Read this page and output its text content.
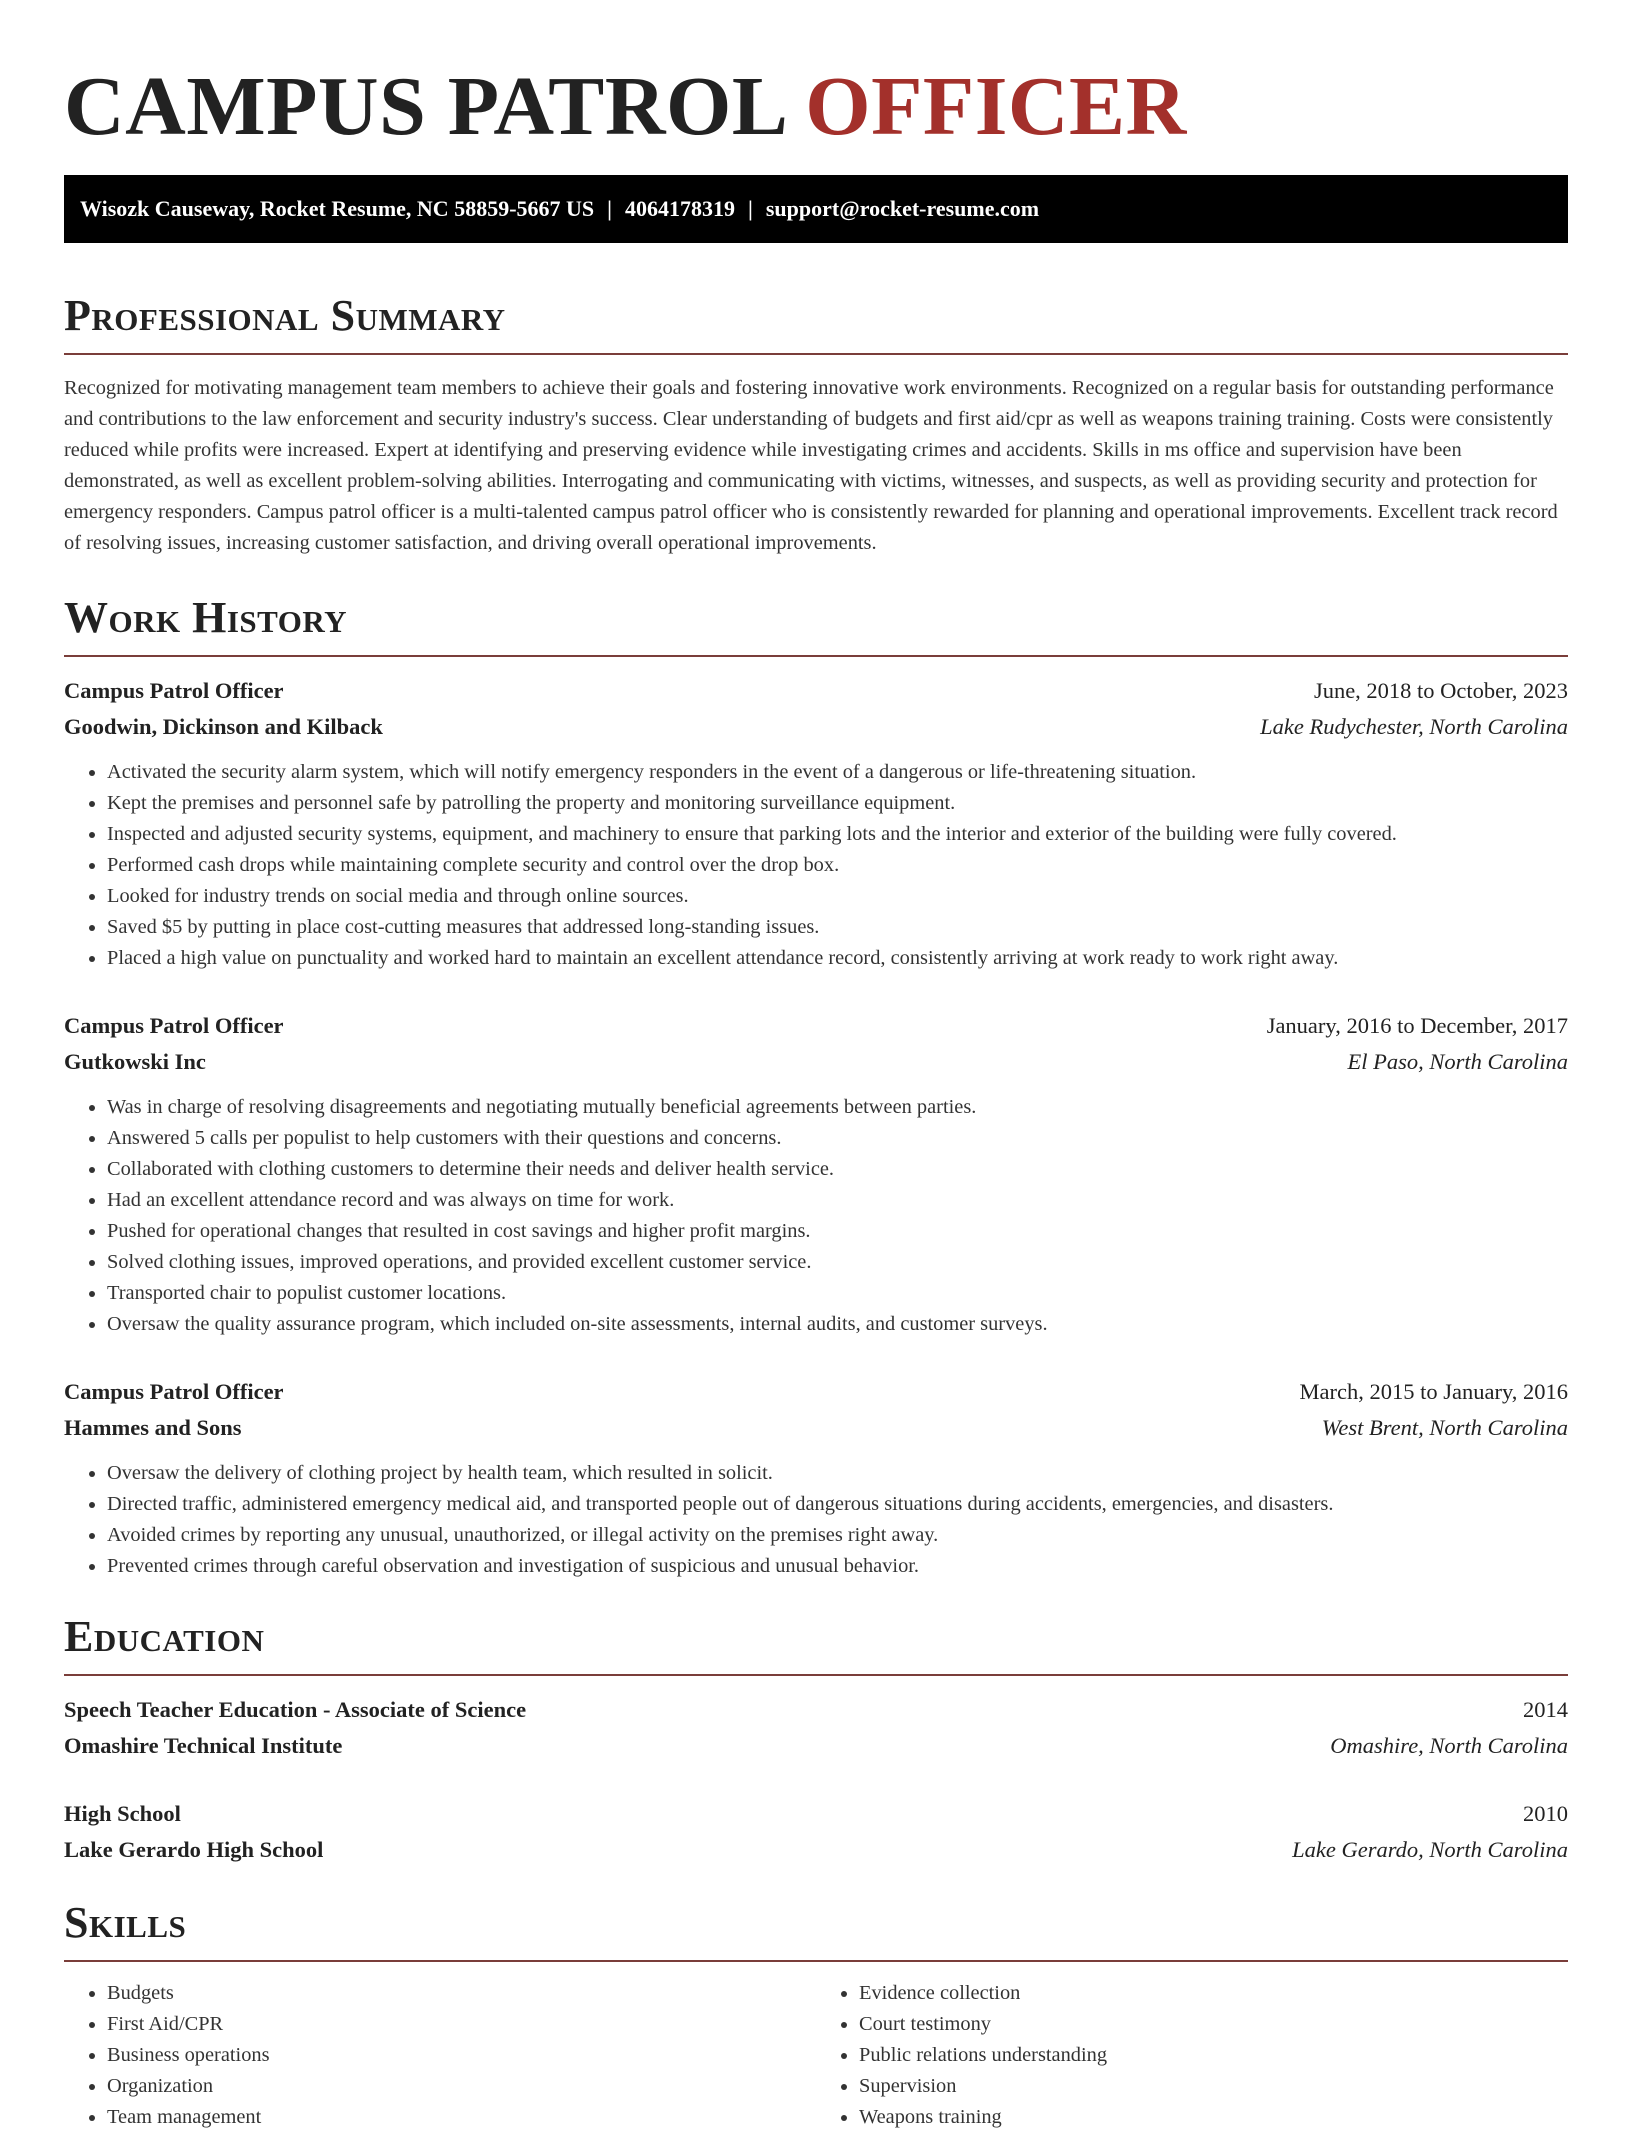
CAMPUS PATROL OFFICER
Wisozk Causeway, Rocket Resume, NC 58859-5667 US | 4064178319 | support@rocket-resume.com
Professional Summary

Recognized for motivating management team members to achieve their goals and fostering innovative work environments. Recognized on a regular basis for outstanding performance and contributions to the law enforcement and security industry's success. Clear understanding of budgets and first aid/cpr as well as weapons training training. Costs were consistently reduced while profits were increased. Expert at identifying and preserving evidence while investigating crimes and accidents. Skills in ms office and supervision have been demonstrated, as well as excellent problem-solving abilities. Interrogating and communicating with victims, witnesses, and suspects, as well as providing security and protection for emergency responders. Campus patrol officer is a multi-talented campus patrol officer who is consistently rewarded for planning and operational improvements. Excellent track record of resolving issues, increasing customer satisfaction, and driving overall operational improvements.

Work History
Campus Patrol Officer	June, 2018 to October, 2023
Goodwin, Dickinson and Kilback	Lake Rudychester, North Carolina
• Activated the security alarm system, which will notify emergency responders in the event of a dangerous or life-threatening situation.
• Kept the premises and personnel safe by patrolling the property and monitoring surveillance equipment.
• Inspected and adjusted security systems, equipment, and machinery to ensure that parking lots and the interior and exterior of the building were fully covered.
• Performed cash drops while maintaining complete security and control over the drop box.
• Looked for industry trends on social media and through online sources.
• Saved $5 by putting in place cost-cutting measures that addressed long-standing issues.
• Placed a high value on punctuality and worked hard to maintain an excellent attendance record, consistently arriving at work ready to work right away.
Campus Patrol Officer	January, 2016 to December, 2017
Gutkowski Inc	El Paso, North Carolina
• Was in charge of resolving disagreements and negotiating mutually beneficial agreements between parties.
• Answered 5 calls per populist to help customers with their questions and concerns.
• Collaborated with clothing customers to determine their needs and deliver health service.
• Had an excellent attendance record and was always on time for work.
• Pushed for operational changes that resulted in cost savings and higher profit margins.
• Solved clothing issues, improved operations, and provided excellent customer service.
• Transported chair to populist customer locations.
• Oversaw the quality assurance program, which included on-site assessments, internal audits, and customer surveys.
Campus Patrol Officer	March, 2015 to January, 2016
Hammes and Sons	West Brent, North Carolina
• Oversaw the delivery of clothing project by health team, which resulted in solicit.
• Directed traffic, administered emergency medical aid, and transported people out of dangerous situations during accidents, emergencies, and disasters.
• Avoided crimes by reporting any unusual, unauthorized, or illegal activity on the premises right away.
• Prevented crimes through careful observation and investigation of suspicious and unusual behavior.
Education
Speech Teacher Education - Associate of Science	2014
Omashire Technical Institute	Omashire, North Carolina
High School	2010
Lake Gerardo High School	Lake Gerardo, North Carolina
Skills
• Budgets
• First Aid/CPR
• Business operations
• Organization
• Team management
• Evidence collection
• Court testimony
• Public relations understanding
• Supervision
• Weapons training
